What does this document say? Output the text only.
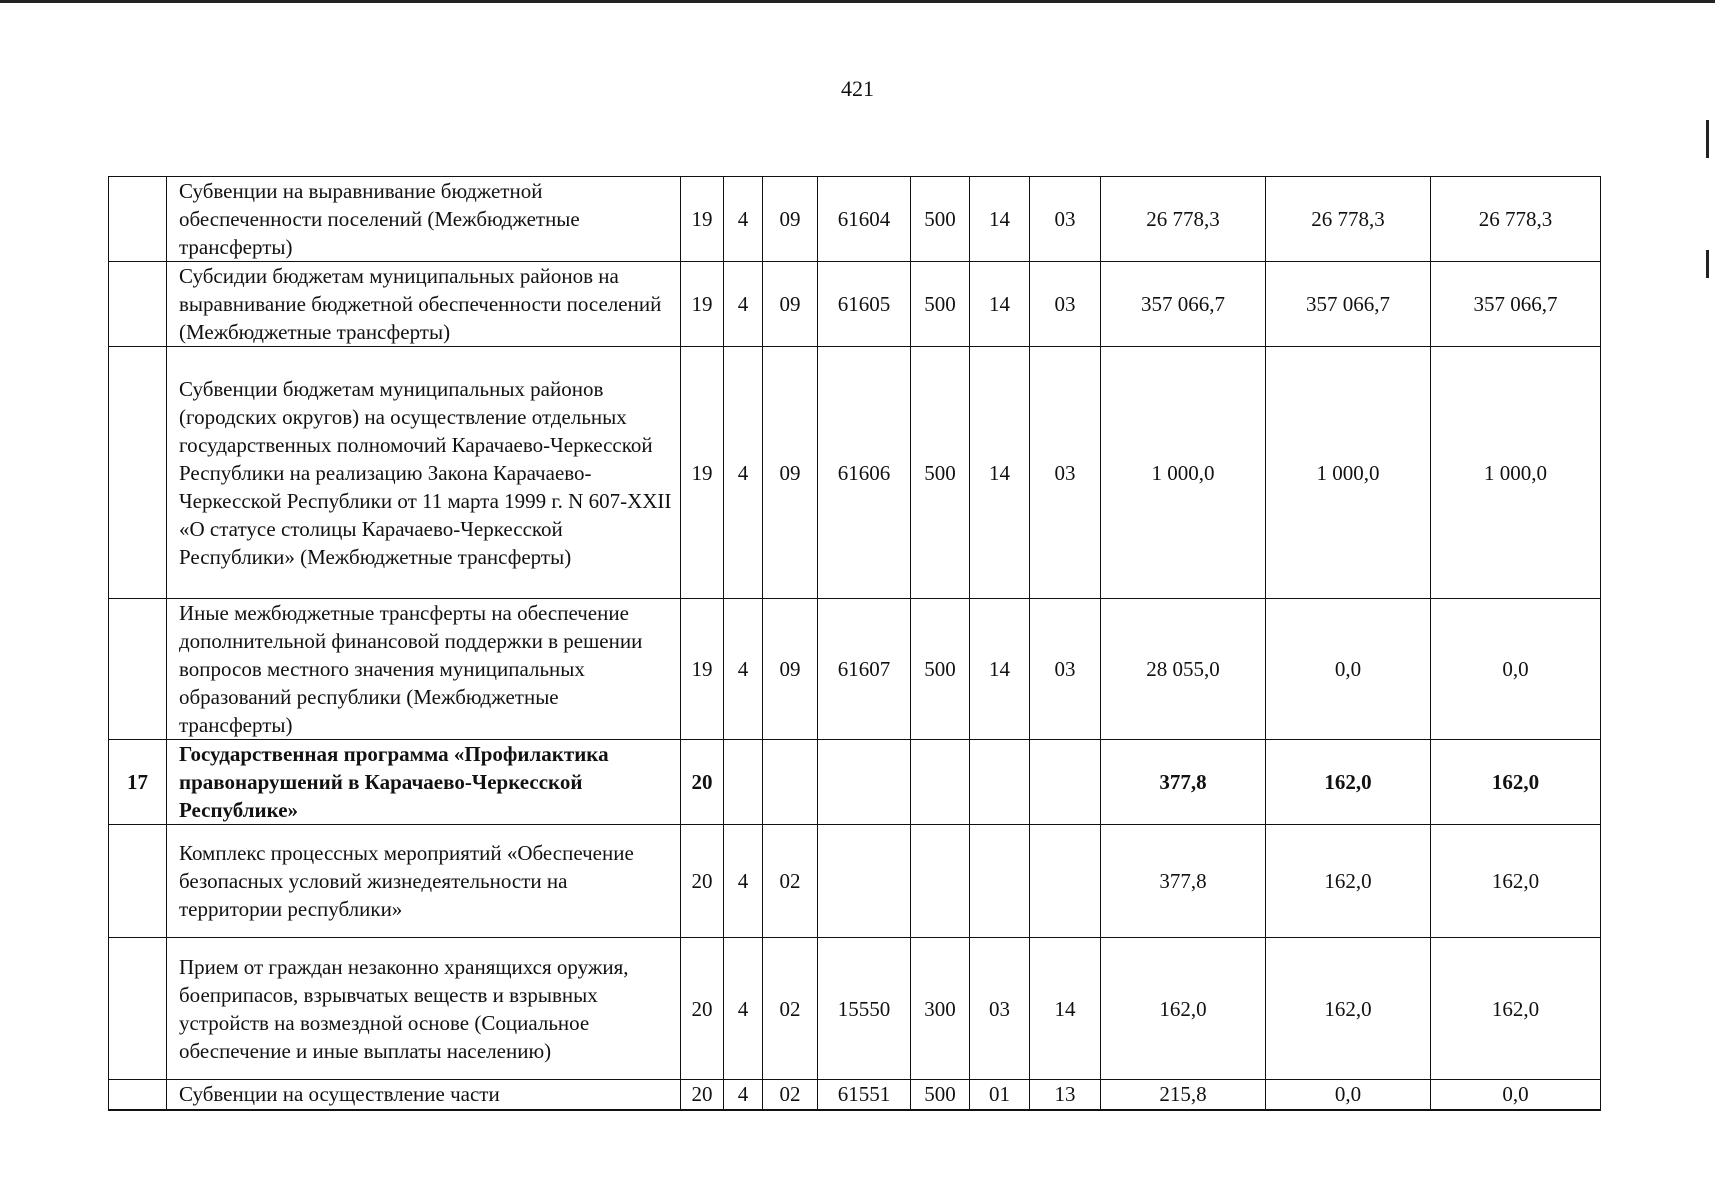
421
	Субвенции на выравнивание бюджетной обеспеченности поселений (Межбюджетные трансферты)	19	4	09	61604	500	14	03	26 778,3	26 778,3	26 778,3
	Субсидии бюджетам муниципальных районов на выравнивание бюджетной обеспеченности поселений (Межбюджетные трансферты)	19	4	09	61605	500	14	03	357 066,7	357 066,7	357 066,7
	Субвенции бюджетам муниципальных районов (городских округов) на осуществление отдельных государственных полномочий Карачаево-Черкесской Республики на реализацию Закона Карачаево-Черкесской Республики от 11 марта 1999 г. N 607-XXII «О статусе столицы Карачаево-Черкесской Республики» (Межбюджетные трансферты)	19	4	09	61606	500	14	03	1 000,0	1 000,0	1 000,0
	Иные межбюджетные трансферты на обеспечение дополнительной финансовой поддержки в решении вопросов местного значения муниципальных образований республики (Межбюджетные трансферты)	19	4	09	61607	500	14	03	28 055,0	0,0	0,0
17	Государственная программа «Профилактика правонарушений в Карачаево-Черкесской Республике»	20							377,8	162,0	162,0
	Комплекс процессных мероприятий «Обеспечение безопасных условий жизнедеятельности на территории республики»	20	4	02					377,8	162,0	162,0
	Прием от граждан незаконно хранящихся оружия, боеприпасов, взрывчатых веществ и взрывных устройств на возмездной основе (Социальное обеспечение и иные выплаты населению)	20	4	02	15550	300	03	14	162,0	162,0	162,0
	Субвенции на осуществление части	20	4	02	61551	500	01	13	215,8	0,0	0,0
